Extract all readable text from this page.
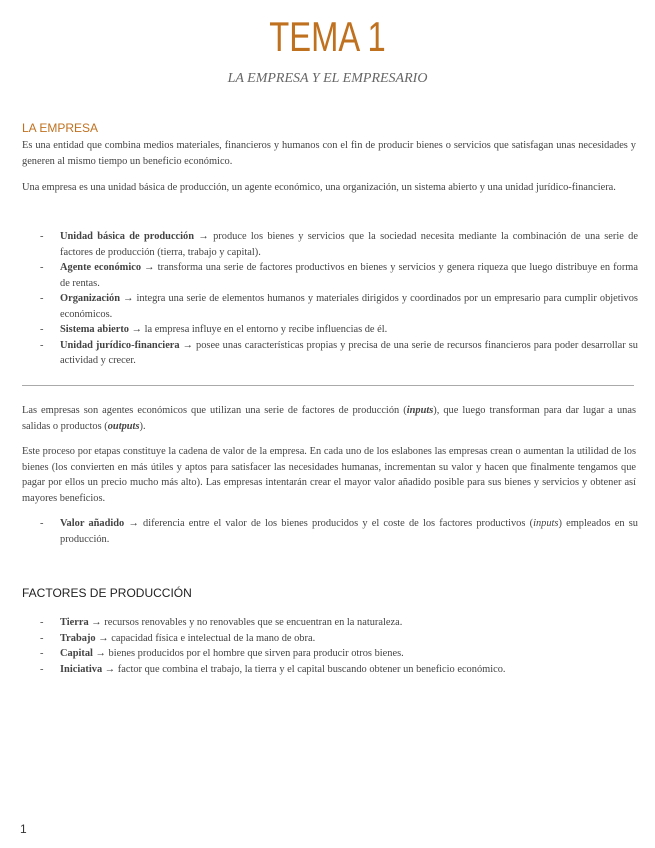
TEMA 1
LA EMPRESA Y EL EMPRESARIO
LA EMPRESA

Es una entidad que combina medios materiales, financieros y humanos con el fin de producir bienes o servicios que satisfagan unas necesidades y generen al mismo tiempo un beneficio económico.

Una empresa es una unidad básica de producción, un agente económico, una organización, un sistema abierto y una unidad jurídico-financiera.

- Unidad básica de producción → produce los bienes y servicios que la sociedad necesita mediante la combinación de una serie de factores de producción (tierra, trabajo y capital).
- Agente económico → transforma una serie de factores productivos en bienes y servicios y genera riqueza que luego distribuye en forma de rentas.
- Organización → integra una serie de elementos humanos y materiales dirigidos y coordinados por un empresario para cumplir objetivos económicos.
- Sistema abierto → la empresa influye en el entorno y recibe influencias de él.
- Unidad jurídico-financiera → posee unas características propias y precisa de una serie de recursos financieros para poder desarrollar su actividad y crecer.

Las empresas son agentes económicos que utilizan una serie de factores de producción (inputs), que luego transforman para dar lugar a unas salidas o productos (outputs).

Este proceso por etapas constituye la cadena de valor de la empresa. En cada uno de los eslabones las empresas crean o aumentan la utilidad de los bienes (los convierten en más útiles y aptos para satisfacer las necesidades humanas, incrementan su valor y hacen que finalmente tengamos que pagar por ellos un precio mucho más alto). Las empresas intentarán crear el mayor valor añadido posible para sus bienes y servicios y obtener así mayores beneficios.

- Valor añadido → diferencia entre el valor de los bienes producidos y el coste de los factores productivos (inputs) empleados en su producción.
FACTORES DE PRODUCCIÓN
- Tierra → recursos renovables y no renovables que se encuentran en la naturaleza.
- Trabajo → capacidad física e intelectual de la mano de obra.
- Capital → bienes producidos por el hombre que sirven para producir otros bienes.
- Iniciativa → factor que combina el trabajo, la tierra y el capital buscando obtener un beneficio económico.
1
